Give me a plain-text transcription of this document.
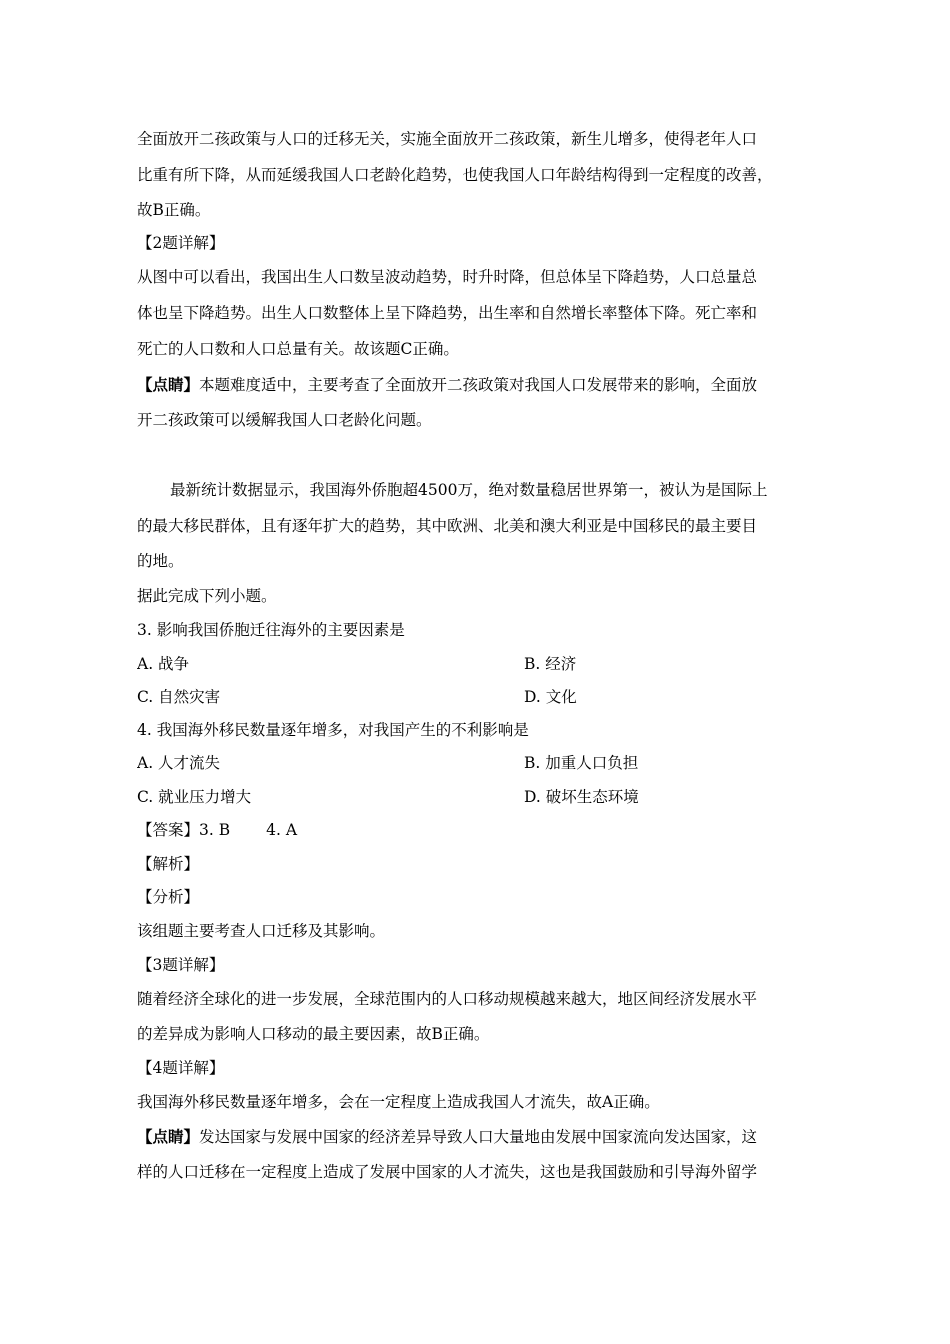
全面放开二孩政策与人口的迁移无关，实施全面放开二孩政策，新生儿增多，使得老年人口
比重有所下降，从而延缓我国人口老龄化趋势，也使我国人口年龄结构得到一定程度的改善，
故B正确。
【2题详解】
从图中可以看出，我国出生人口数呈波动趋势，时升时降，但总体呈下降趋势，人口总量总
体也呈下降趋势。出生人口数整体上呈下降趋势，出生率和自然增长率整体下降。死亡率和
死亡的人口数和人口总量有关。故该题C正确。
【点睛】本题难度适中，主要考查了全面放开二孩政策对我国人口发展带来的影响，全面放
开二孩政策可以缓解我国人口老龄化问题。
最新统计数据显示，我国海外侨胞超4500万，绝对数量稳居世界第一，被认为是国际上
的最大移民群体，且有逐年扩大的趋势，其中欧洲、北美和澳大利亚是中国移民的最主要目
的地。
据此完成下列小题。
3. 影响我国侨胞迁往海外的主要因素是
A. 战争	B. 经济
C. 自然灾害	D. 文化
4. 我国海外移民数量逐年增多，对我国产生的不利影响是
A. 人才流失	B. 加重人口负担
C. 就业压力增大	D. 破坏生态环境
【答案】3. B 4. A
【解析】
【分析】
该组题主要考查人口迁移及其影响。
【3题详解】
随着经济全球化的进一步发展，全球范围内的人口移动规模越来越大，地区间经济发展水平
的差异成为影响人口移动的最主要因素，故B正确。
【4题详解】
我国海外移民数量逐年增多，会在一定程度上造成我国人才流失，故A正确。
【点睛】发达国家与发展中国家的经济差异导致人口大量地由发展中国家流向发达国家，这
样的人口迁移在一定程度上造成了发展中国家的人才流失，这也是我国鼓励和引导海外留学
